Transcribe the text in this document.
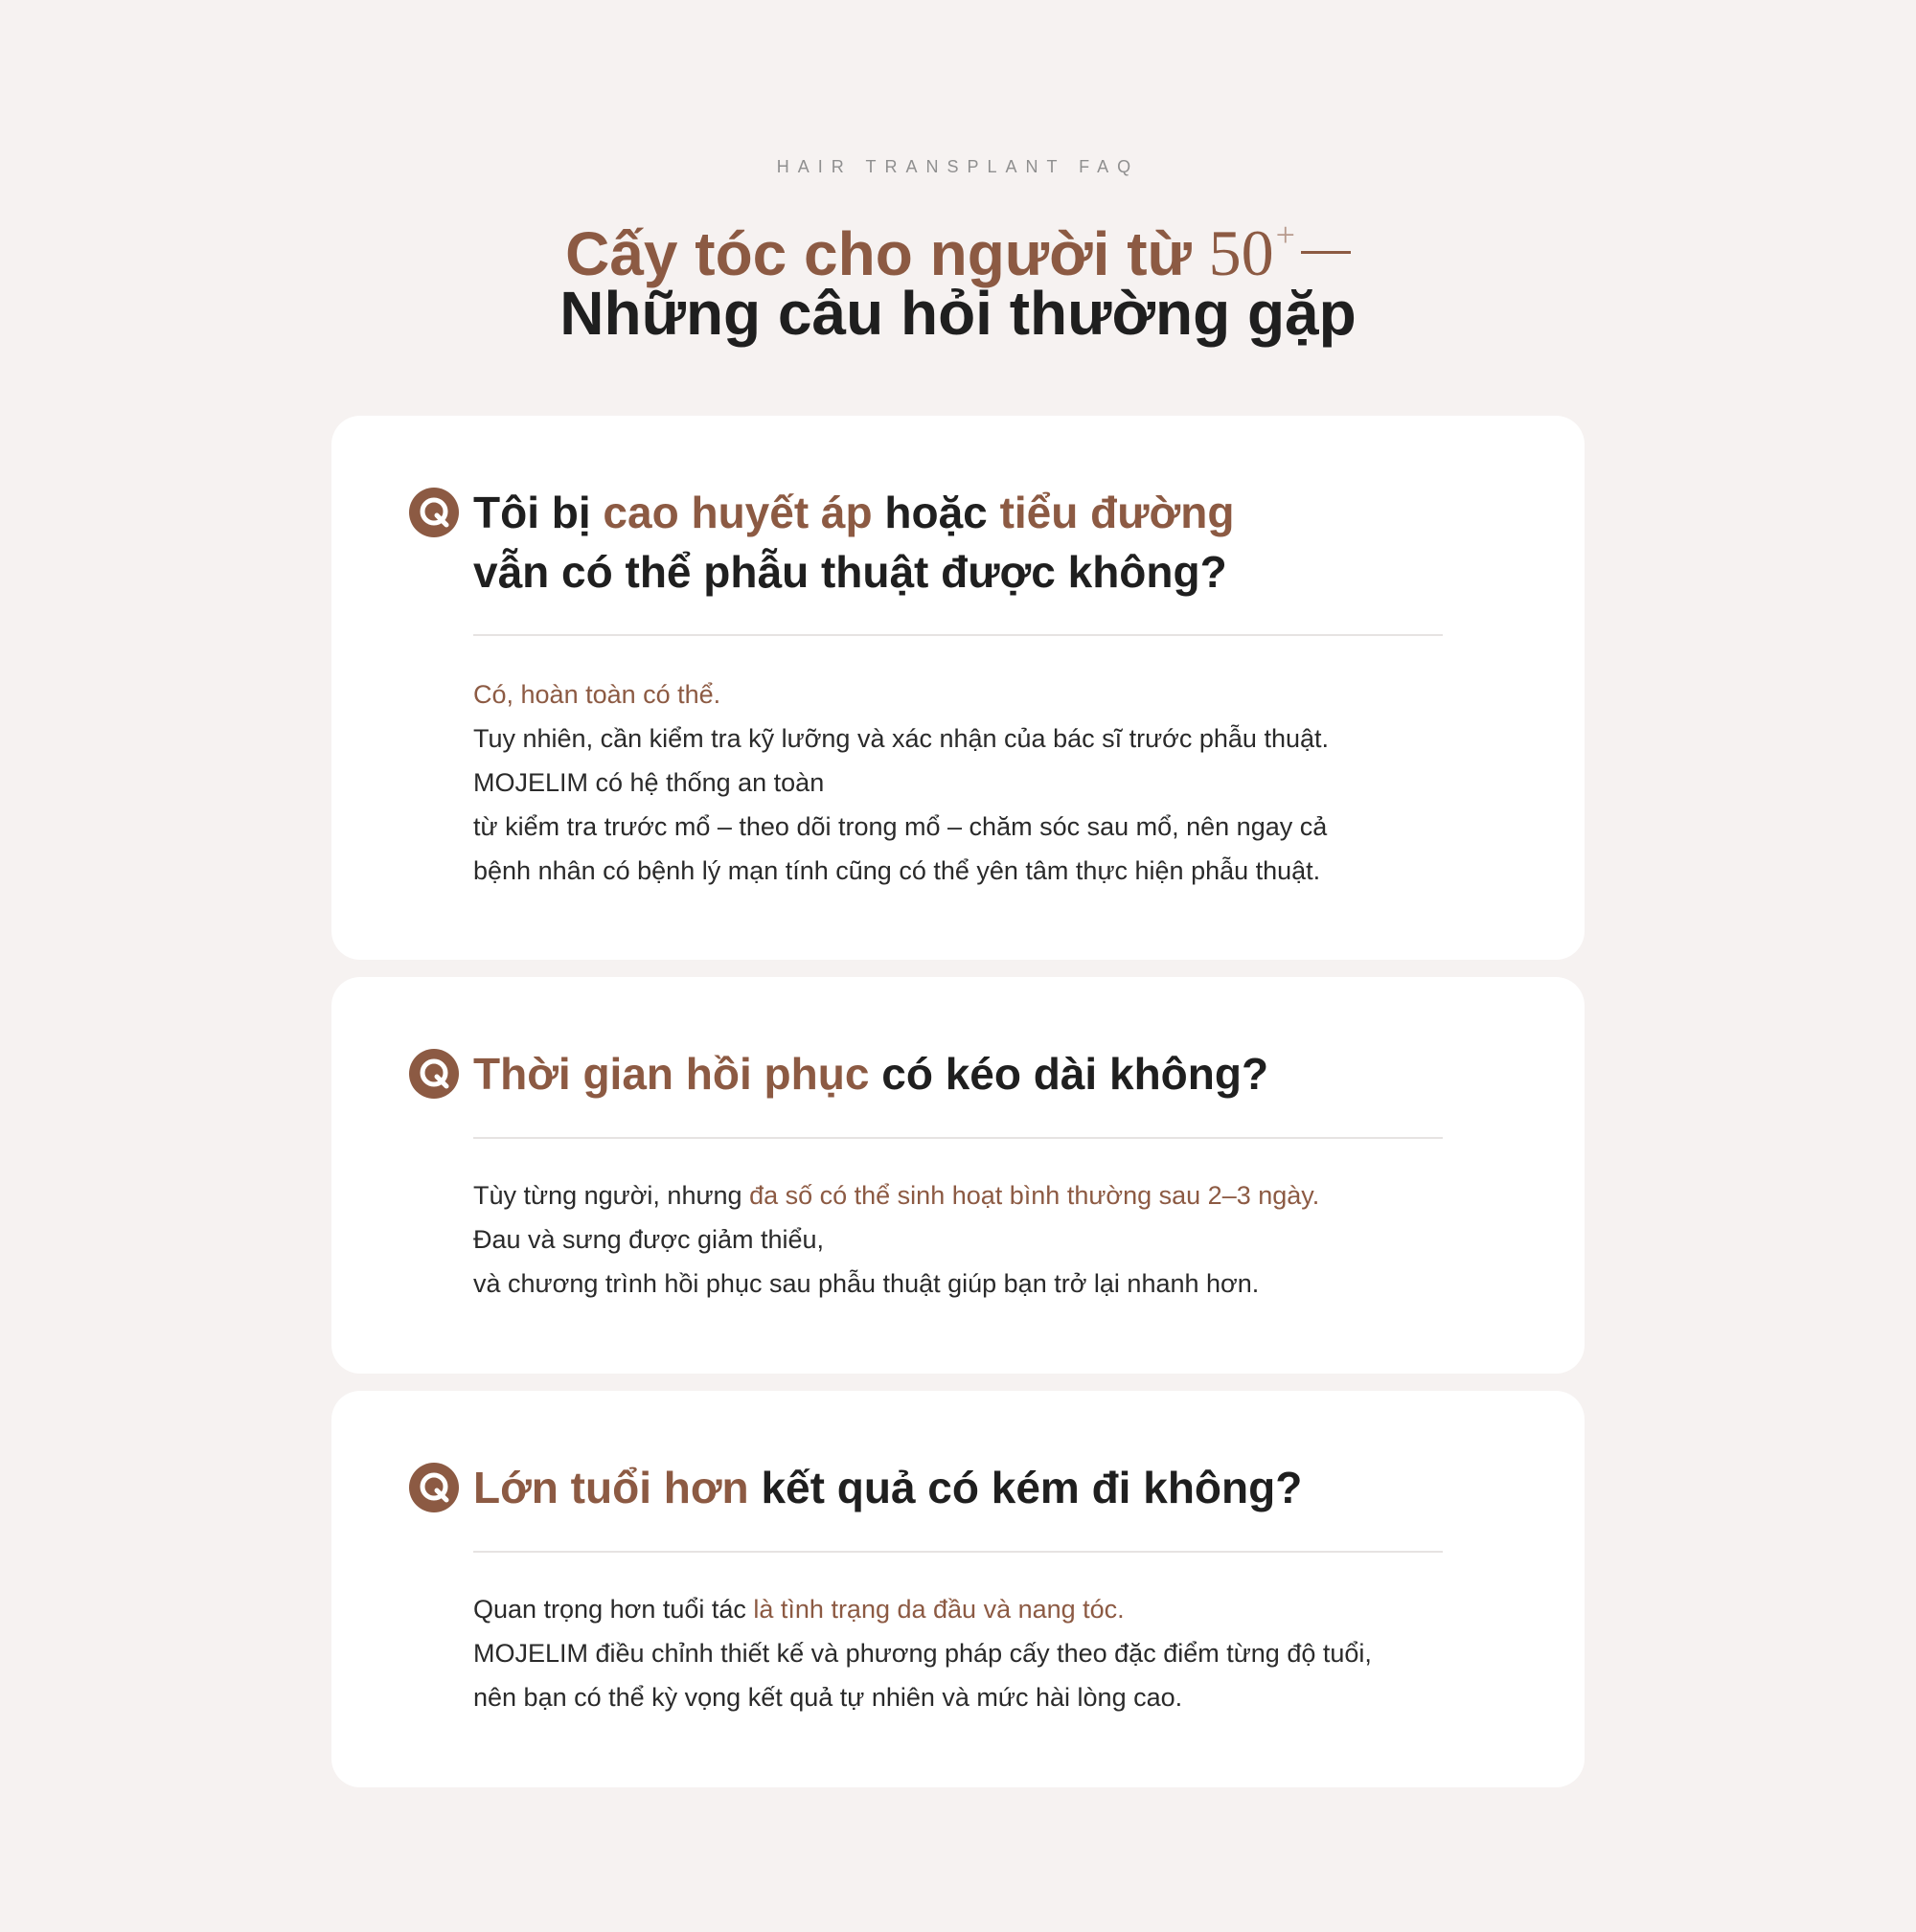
HAIR TRANSPLANT FAQ
Cấy tóc cho người từ 50+
Những câu hỏi thường gặp
Tôi bị cao huyết áp hoặc tiểu đường
vẫn có thể phẫu thuật được không?
Có, hoàn toàn có thể.
Tuy nhiên, cần kiểm tra kỹ lưỡng và xác nhận của bác sĩ trước phẫu thuật.
MOJELIM có hệ thống an toàn
từ kiểm tra trước mổ – theo dõi trong mổ – chăm sóc sau mổ, nên ngay cả
bệnh nhân có bệnh lý mạn tính cũng có thể yên tâm thực hiện phẫu thuật.
Thời gian hồi phục có kéo dài không?
Tùy từng người, nhưng đa số có thể sinh hoạt bình thường sau 2–3 ngày.
Đau và sưng được giảm thiểu,
và chương trình hồi phục sau phẫu thuật giúp bạn trở lại nhanh hơn.
Lớn tuổi hơn kết quả có kém đi không?
Quan trọng hơn tuổi tác là tình trạng da đầu và nang tóc.
MOJELIM điều chỉnh thiết kế và phương pháp cấy theo đặc điểm từng độ tuổi,
nên bạn có thể kỳ vọng kết quả tự nhiên và mức hài lòng cao.
